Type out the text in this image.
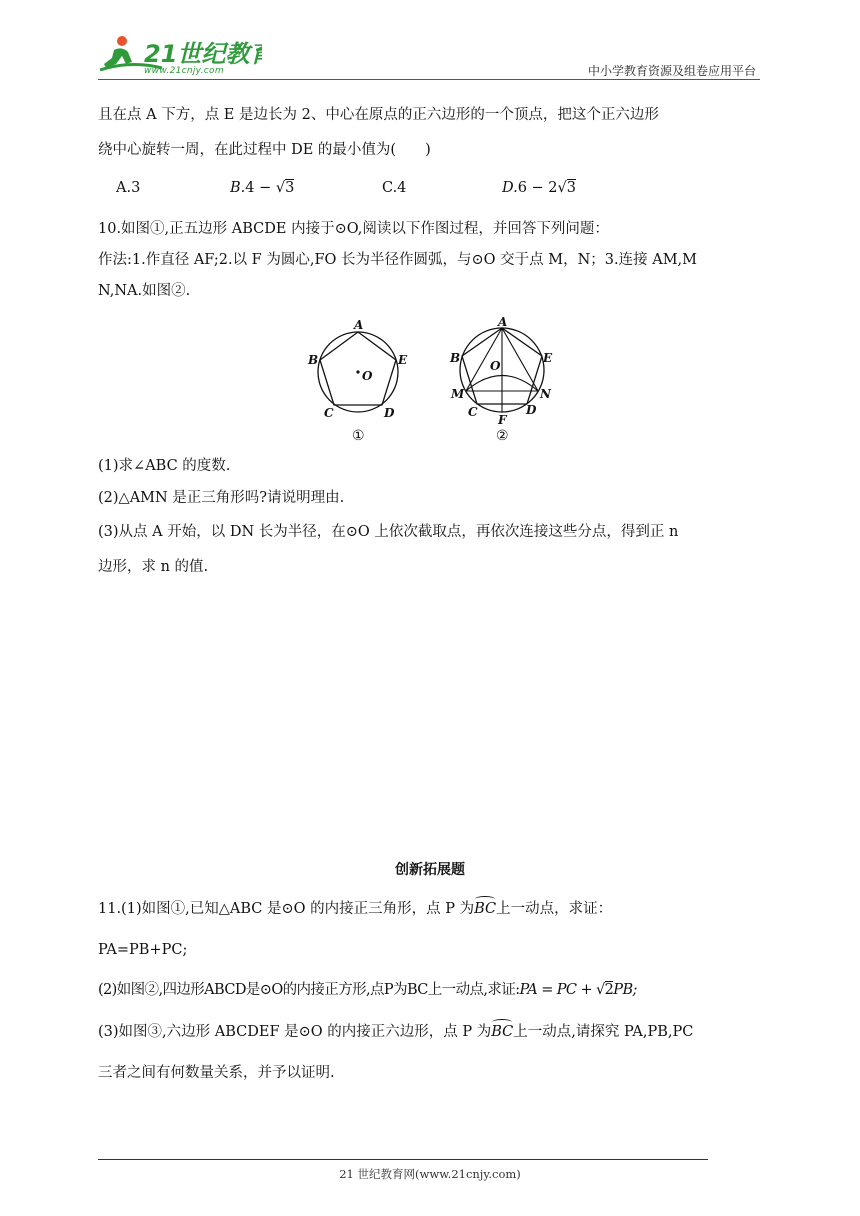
21世纪教育
www.21cnjy.com	中小学教育资源及组卷应用平台
且在点 A 下方，点 E 是边长为 2、中心在原点的正六边形的一个顶点，把这个正六边形
绕中心旋转一周，在此过程中 DE 的最小值为(　　)
A.3	B.4 − √3	C.4	D.6 − 2√3
10.如图①,正五边形 ABCDE 内接于⊙O,阅读以下作图过程，并回答下列问题：
作法:1.作直径 AF;2.以 F 为圆心,FO 长为半径作圆弧，与⊙O 交于点 M，N；3.连接 AM,M
N,NA.如图②.
A
B
C	D
E
O
①
A
B
C	D
E
O
M	N
F
②
(1)求∠ABC 的度数.
(2)△AMN 是正三角形吗?请说明理由.
(3)从点 A 开始，以 DN 长为半径，在⊙O 上依次截取点，再依次连接这些分点，得到正 n
边形，求 n 的值.
创新拓展题
11.(1)如图①,已知△ABC 是⊙O 的内接正三角形，点 P 为BC上一动点，求证：
PA=PB+PC;
(2)如图②,四边形ABCD是⊙O的内接正方形,点P为BC上一动点,求证:PA = PC + √2PB;
(3)如图③,六边形 ABCDEF 是⊙O 的内接正六边形，点 P 为BC上一动点,请探究 PA,PB,PC
三者之间有何数量关系，并予以证明.
21 世纪教育网(www.21cnjy.com)
